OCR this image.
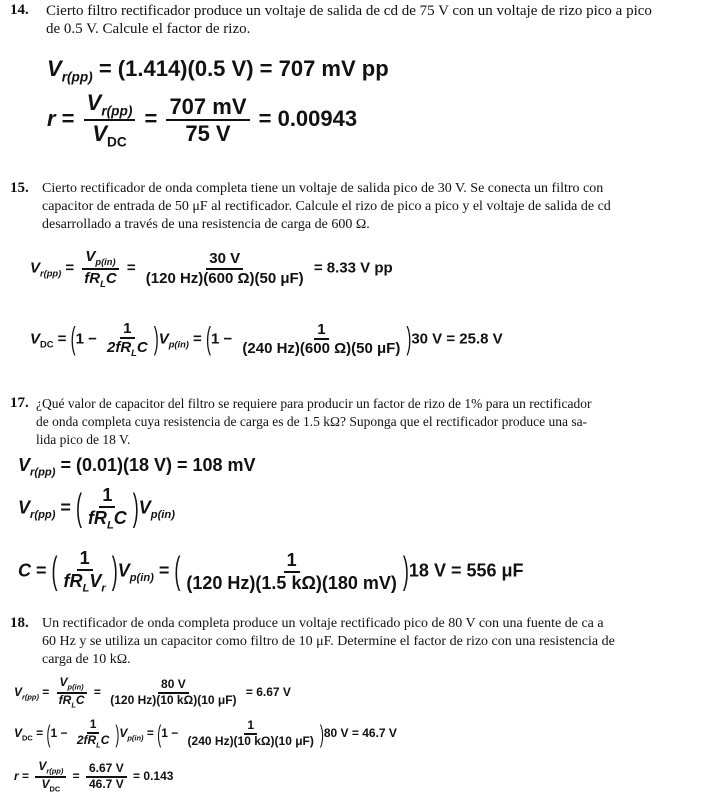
14. Cierto filtro rectificador produce un voltaje de salida de cd de 75 V con un voltaje de rizo pico a pico
de 0.5 V. Calcule el factor de rizo.
$V_{r(pp)} = (1.414)(0.5$ V) = 707 mV pp
$r = \frac{V_{r(pp)}}{V_{DC}} = \frac{707 mV}{75 V} = 0.00943$
15. Cierto rectificador de onda completa tiene un voltaje de salida pico de 30 V. Se conecta un filtro con
capacitor de entrada de 50 μF al rectificador. Calcule el rizo de pico a pico y el voltaje de salida de cd
desarrollado a través de una resistencia de carga de 600 Ω.
$V_{r(pp)} = \frac{V_{p(in)}}{fR_LC} = \frac{30 V}{(120 Hz)(600 \Omega)(50 \mu F)} = 8.33$ V pp
$V_{DC} = (1 - \frac{1}{2fR_LC} )V_{p(in)} = (1 - \frac{1}{(240 Hz)(600 \Omega)(50 \mu F)} )30$ V = 25.8 V
17. ¿Qué valor de capacitor del filtro se requiere para producir un factor de rizo de 1% para un rectificador
de onda completa cuya resistencia de carga es de 1.5 kΩ? Suponga que el rectificador produce una sa-
lida pico de 18 V.
$V_{r(pp)} = (0.01)(18$ V) = 108 mV
$V_{r(pp)}$ = ( $\frac{1}{fR_LC} )V_{p(in)}$
C = ( $\frac{1}{fR_LV_r} )V_{p(in)}$ = ( $\frac{1}{(120 Hz)(1.5 k\Omega)(180 mV)} )18$ V = 556 μF
18. Un rectificador de onda completa produce un voltaje rectificado pico de 80 V con una fuente de ca a
60 Hz y se utiliza un capacitor como filtro de 10 μF. Determine el factor de rizo con una resistencia de
carga de 10 kΩ.
$V_{r(pp)} = \frac{V_{p(in)}}{fR_LC} = \frac{80 V}{(120 Hz)(10 k\Omega)(10 \mu F)} = 6.67$ V
$V_{DC} = (1 - \frac{1}{2fR_LC} )V_{p(in)} = (1 - \frac{1}{(240 Hz)(10 k\Omega)(10 \mu F)} )80$ V = 46.7 V
$r = \frac{V_{r(pp)}}{V_{DC}} = \frac{6.67 V}{46.7 V} = 0.143$
